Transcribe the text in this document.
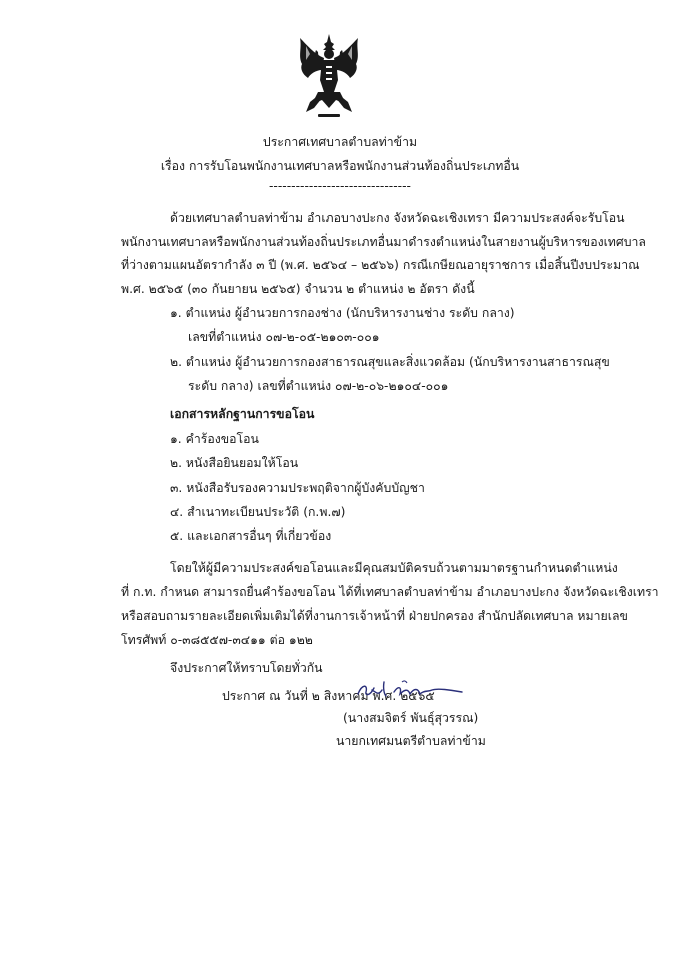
ประกาศเทศบาลตำบลท่าข้าม
เรื่อง การรับโอนพนักงานเทศบาลหรือพนักงานส่วนท้องถิ่นประเภทอื่น
--------------------------------
ด้วยเทศบาลตำบลท่าข้าม อำเภอบางปะกง จังหวัดฉะเชิงเทรา มีความประสงค์จะรับโอน
พนักงานเทศบาลหรือพนักงานส่วนท้องถิ่นประเภทอื่นมาดำรงตำแหน่งในสายงานผู้บริหารของเทศบาล
ที่ว่างตามแผนอัตรากำลัง ๓ ปี (พ.ศ. ๒๕๖๔ – ๒๕๖๖) กรณีเกษียณอายุราชการ เมื่อสิ้นปีงบประมาณ
พ.ศ. ๒๕๖๕ (๓๐ กันยายน ๒๕๖๕) จำนวน ๒ ตำแหน่ง ๒ อัตรา ดังนี้
๑. ตำแหน่ง ผู้อำนวยการกองช่าง (นักบริหารงานช่าง ระดับ กลาง)
เลขที่ตำแหน่ง ๐๗-๒-๐๕-๒๑๐๓-๐๐๑
๒. ตำแหน่ง ผู้อำนวยการกองสาธารณสุขและสิ่งแวดล้อม (นักบริหารงานสาธารณสุข
ระดับ กลาง) เลขที่ตำแหน่ง ๐๗-๒-๐๖-๒๑๐๔-๐๐๑
เอกสารหลักฐานการขอโอน
๑. คำร้องขอโอน
๒. หนังสือยินยอมให้โอน
๓. หนังสือรับรองความประพฤติจากผู้บังคับบัญชา
๔. สำเนาทะเบียนประวัติ (ก.พ.๗)
๕. และเอกสารอื่นๆ ที่เกี่ยวข้อง
โดยให้ผู้มีความประสงค์ขอโอนและมีคุณสมบัติครบถ้วนตามมาตรฐานกำหนดตำแหน่ง
ที่ ก.ท. กำหนด สามารถยื่นคำร้องขอโอน ได้ที่เทศบาลตำบลท่าข้าม อำเภอบางปะกง จังหวัดฉะเชิงเทรา
หรือสอบถามรายละเอียดเพิ่มเติมได้ที่งานการเจ้าหน้าที่ ฝ่ายปกครอง สำนักปลัดเทศบาล หมายเลข
โทรศัพท์ ๐-๓๘๕๕๗-๓๔๑๑ ต่อ ๑๒๒
จึงประกาศให้ทราบโดยทั่วกัน
ประกาศ ณ วันที่ ๒ สิงหาคม พ.ศ. ๒๕๖๕
(นางสมจิตร์ พันธุ์สุวรรณ)
นายกเทศมนตรีตำบลท่าข้าม
